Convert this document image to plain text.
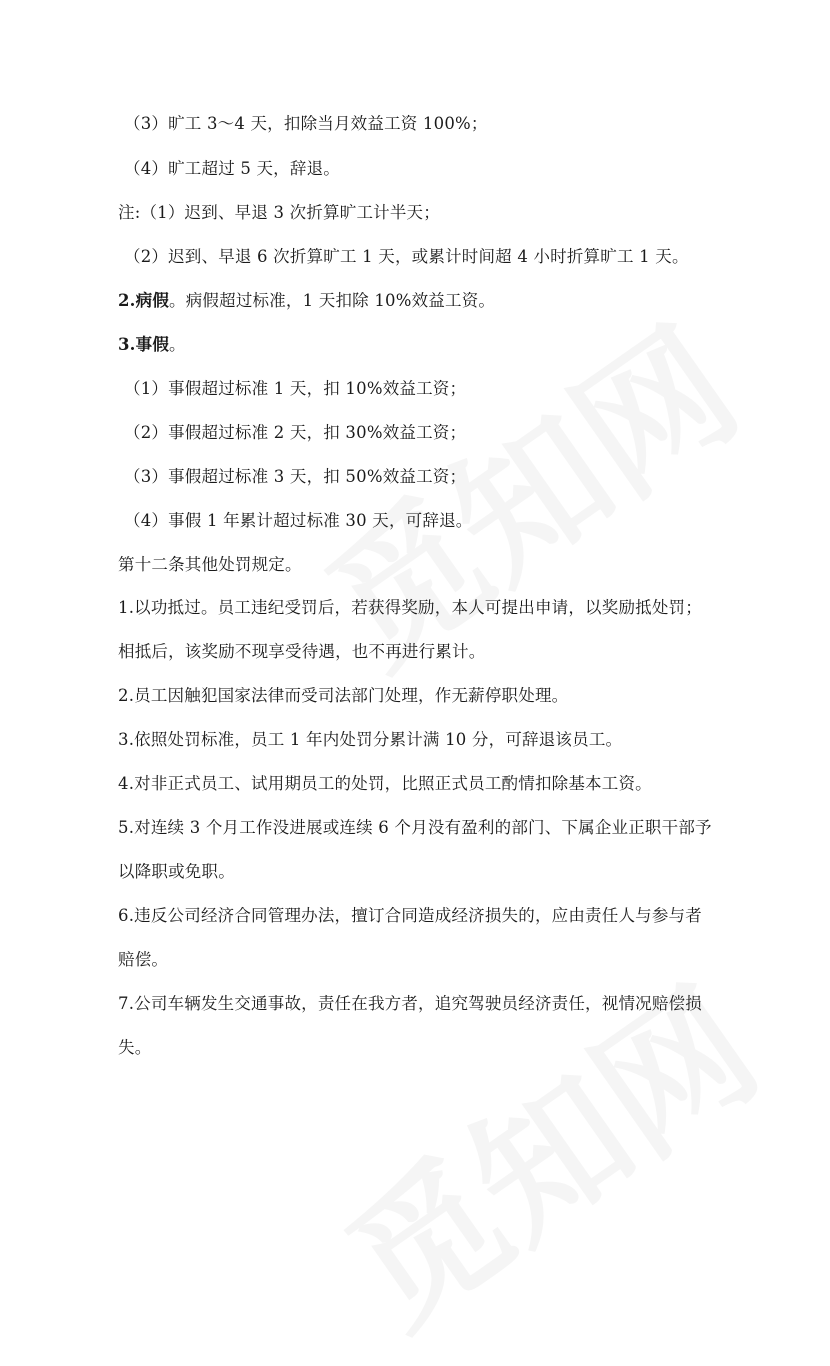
（3）旷工 3～4 天，扣除当月效益工资 100%；
（4）旷工超过 5 天，辞退。
注:（1）迟到、早退 3 次折算旷工计半天；
（2）迟到、早退 6 次折算旷工 1 天，或累计时间超 4 小时折算旷工 1 天。
2.病假。病假超过标准，1 天扣除 10%效益工资。
3.事假。
（1）事假超过标准 1 天，扣 10%效益工资；
（2）事假超过标准 2 天，扣 30%效益工资；
（3）事假超过标准 3 天，扣 50%效益工资；
（4）事假 1 年累计超过标准 30 天，可辞退。
第十二条其他处罚规定。
1.以功抵过。员工违纪受罚后，若获得奖励，本人可提出申请，以奖励抵处罚；
相抵后，该奖励不现享受待遇，也不再进行累计。
2.员工因触犯国家法律而受司法部门处理，作无薪停职处理。
3.依照处罚标准，员工 1 年内处罚分累计满 10 分，可辞退该员工。
4.对非正式员工、试用期员工的处罚，比照正式员工酌情扣除基本工资。
5.对连续 3 个月工作没进展或连续 6 个月没有盈利的部门、下属企业正职干部予
以降职或免职。
6.违反公司经济合同管理办法，擅订合同造成经济损失的，应由责任人与参与者
赔偿。
7.公司车辆发生交通事故，责任在我方者，追究驾驶员经济责任，视情况赔偿损
失。
